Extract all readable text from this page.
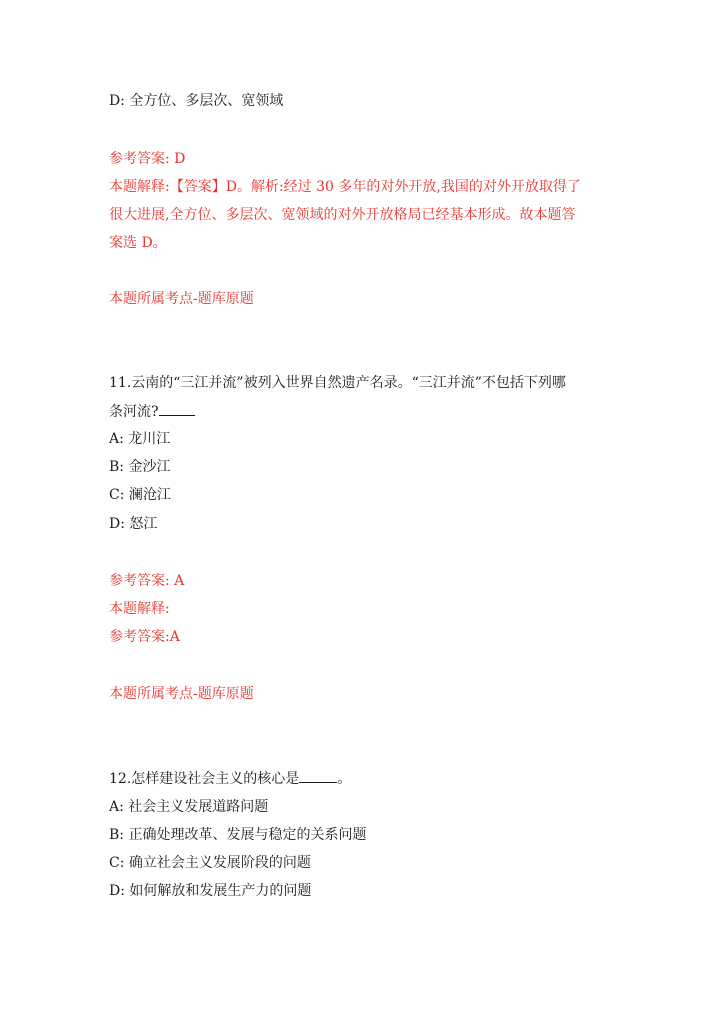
D: 全方位、多层次、宽领域
参考答案: D
本题解释:【答案】D。解析:经过 30 多年的对外开放,我国的对外开放取得了
很大进展,全方位、多层次、宽领域的对外开放格局已经基本形成。故本题答
案选 D。
本题所属考点-题库原题
11.云南的“三江并流”被列入世界自然遗产名录。“三江并流”不包括下列哪
条河流?
A: 龙川江
B: 金沙江
C: 澜沧江
D: 怒江
参考答案: A
本题解释:
参考答案:A
本题所属考点-题库原题
12.怎样建设社会主义的核心是	。
A: 社会主义发展道路问题
B: 正确处理改革、发展与稳定的关系问题
C: 确立社会主义发展阶段的问题
D: 如何解放和发展生产力的问题
